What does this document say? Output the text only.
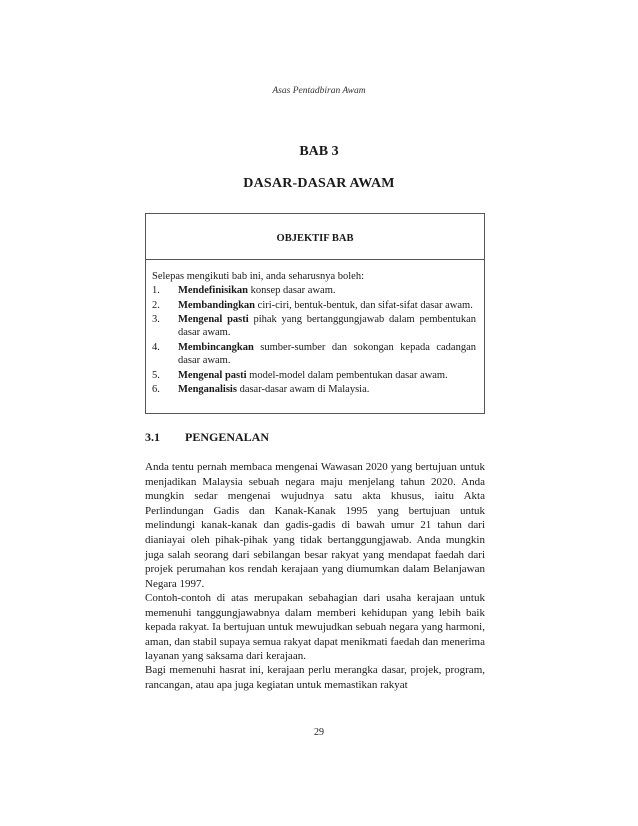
Asas Pentadbiran Awam
BAB 3
DASAR-DASAR AWAM
OBJEKTIF BAB
Selepas mengikuti bab ini, anda seharusnya boleh:
1.	Mendefinisikan konsep dasar awam.
2.	Membandingkan ciri-ciri, bentuk-bentuk, dan sifat-sifat dasar awam.
3.	Mengenal pasti pihak yang bertanggungjawab dalam pembentukan dasar awam.
4.	Membincangkan sumber-sumber dan sokongan kepada cadangan dasar awam.
5.	Mengenal pasti model-model dalam pembentukan dasar awam.
6.	Menganalisis dasar-dasar awam di Malaysia.
3.1 PENGENALAN

Anda tentu pernah membaca mengenai Wawasan 2020 yang bertujuan untuk menjadikan Malaysia sebuah negara maju menjelang tahun 2020. Anda mungkin sedar mengenai wujudnya satu akta khusus, iaitu Akta Perlindungan Gadis dan Kanak-Kanak 1995 yang bertujuan untuk melindungi kanak-kanak dan gadis-gadis di bawah umur 21 tahun dari dianiayai oleh pihak-pihak yang tidak bertanggungjawab. Anda mungkin juga salah seorang dari sebilangan besar rakyat yang mendapat faedah dari projek perumahan kos rendah kerajaan yang diumumkan dalam Belanjawan Negara 1997.

Contoh-contoh di atas merupakan sebahagian dari usaha kerajaan untuk memenuhi tanggungjawabnya dalam memberi kehidupan yang lebih baik kepada rakyat. Ia bertujuan untuk mewujudkan sebuah negara yang harmoni, aman, dan stabil supaya semua rakyat dapat menikmati faedah dan menerima layanan yang saksama dari kerajaan.

Bagi memenuhi hasrat ini, kerajaan perlu merangka dasar, projek, program, rancangan, atau apa juga kegiatan untuk memastikan rakyat

29
